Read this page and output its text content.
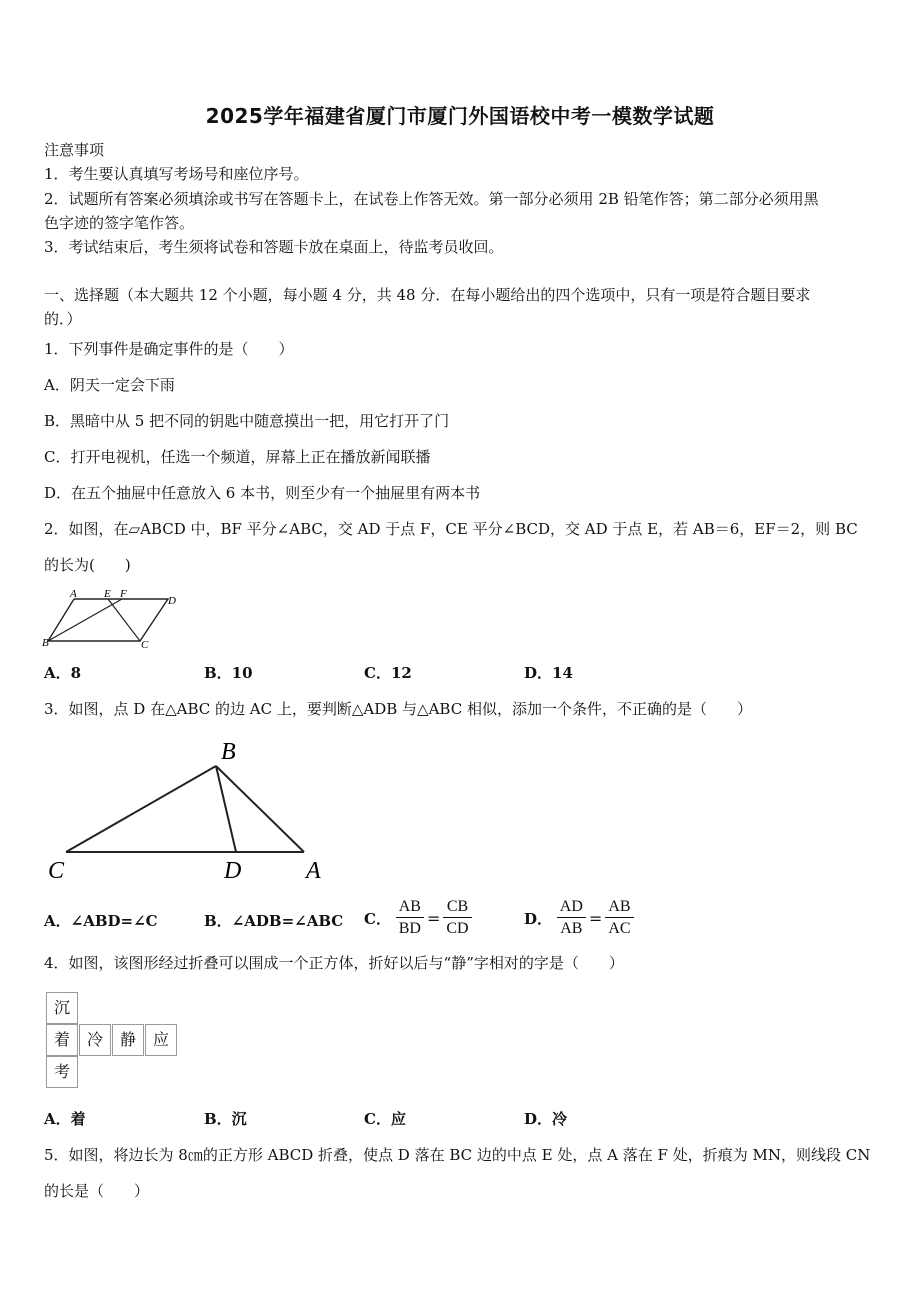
2025学年福建省厦门市厦门外国语校中考一模数学试题
注意事项
1．考生要认真填写考场号和座位序号。
2．试题所有答案必须填涂或书写在答题卡上，在试卷上作答无效。第一部分必须用 2B 铅笔作答；第二部分必须用黑
色字迹的签字笔作答。
3．考试结束后，考生须将试卷和答题卡放在桌面上，待监考员收回。
一、选择题（本大题共 12 个小题，每小题 4 分，共 48 分．在每小题给出的四个选项中，只有一项是符合题目要求
的．）
1．下列事件是确定事件的是（　　）
A．阴天一定会下雨
B．黑暗中从 5 把不同的钥匙中随意摸出一把，用它打开了门
C．打开电视机，任选一个频道，屏幕上正在播放新闻联播
D．在五个抽屉中任意放入 6 本书，则至少有一个抽屉里有两本书
2．如图，在▱ABCD 中，BF 平分∠ABC，交 AD 于点 F，CE 平分∠BCD，交 AD 于点 E，若 AB＝6，EF＝2，则 BC
的长为(　　)
A E F
D
B	C
A．8	B．10	C．12	D．14
3．如图，点 D 在△ABC 的边 AC 上，要判断△ADB 与△ABC 相似，添加一个条件，不正确的是（　　）
B
C	D	A
A．∠ABD=∠C	B．∠ADB=∠ABC C． $\frac{AB}{BD} = \frac{CB}{CD}$	D． $\frac{AD}{AB} = \frac{AB}{AC}$
4．如图，该图形经过折叠可以围成一个正方体，折好以后与“静”字相对的字是（　　）
沉
着	冷	静	应
考
A．着	B．沉	C．应	D．冷
5．如图，将边长为 8㎝的正方形 ABCD 折叠，使点 D 落在 BC 边的中点 E 处，点 A 落在 F 处，折痕为 MN，则线段 CN
的长是（　　）
